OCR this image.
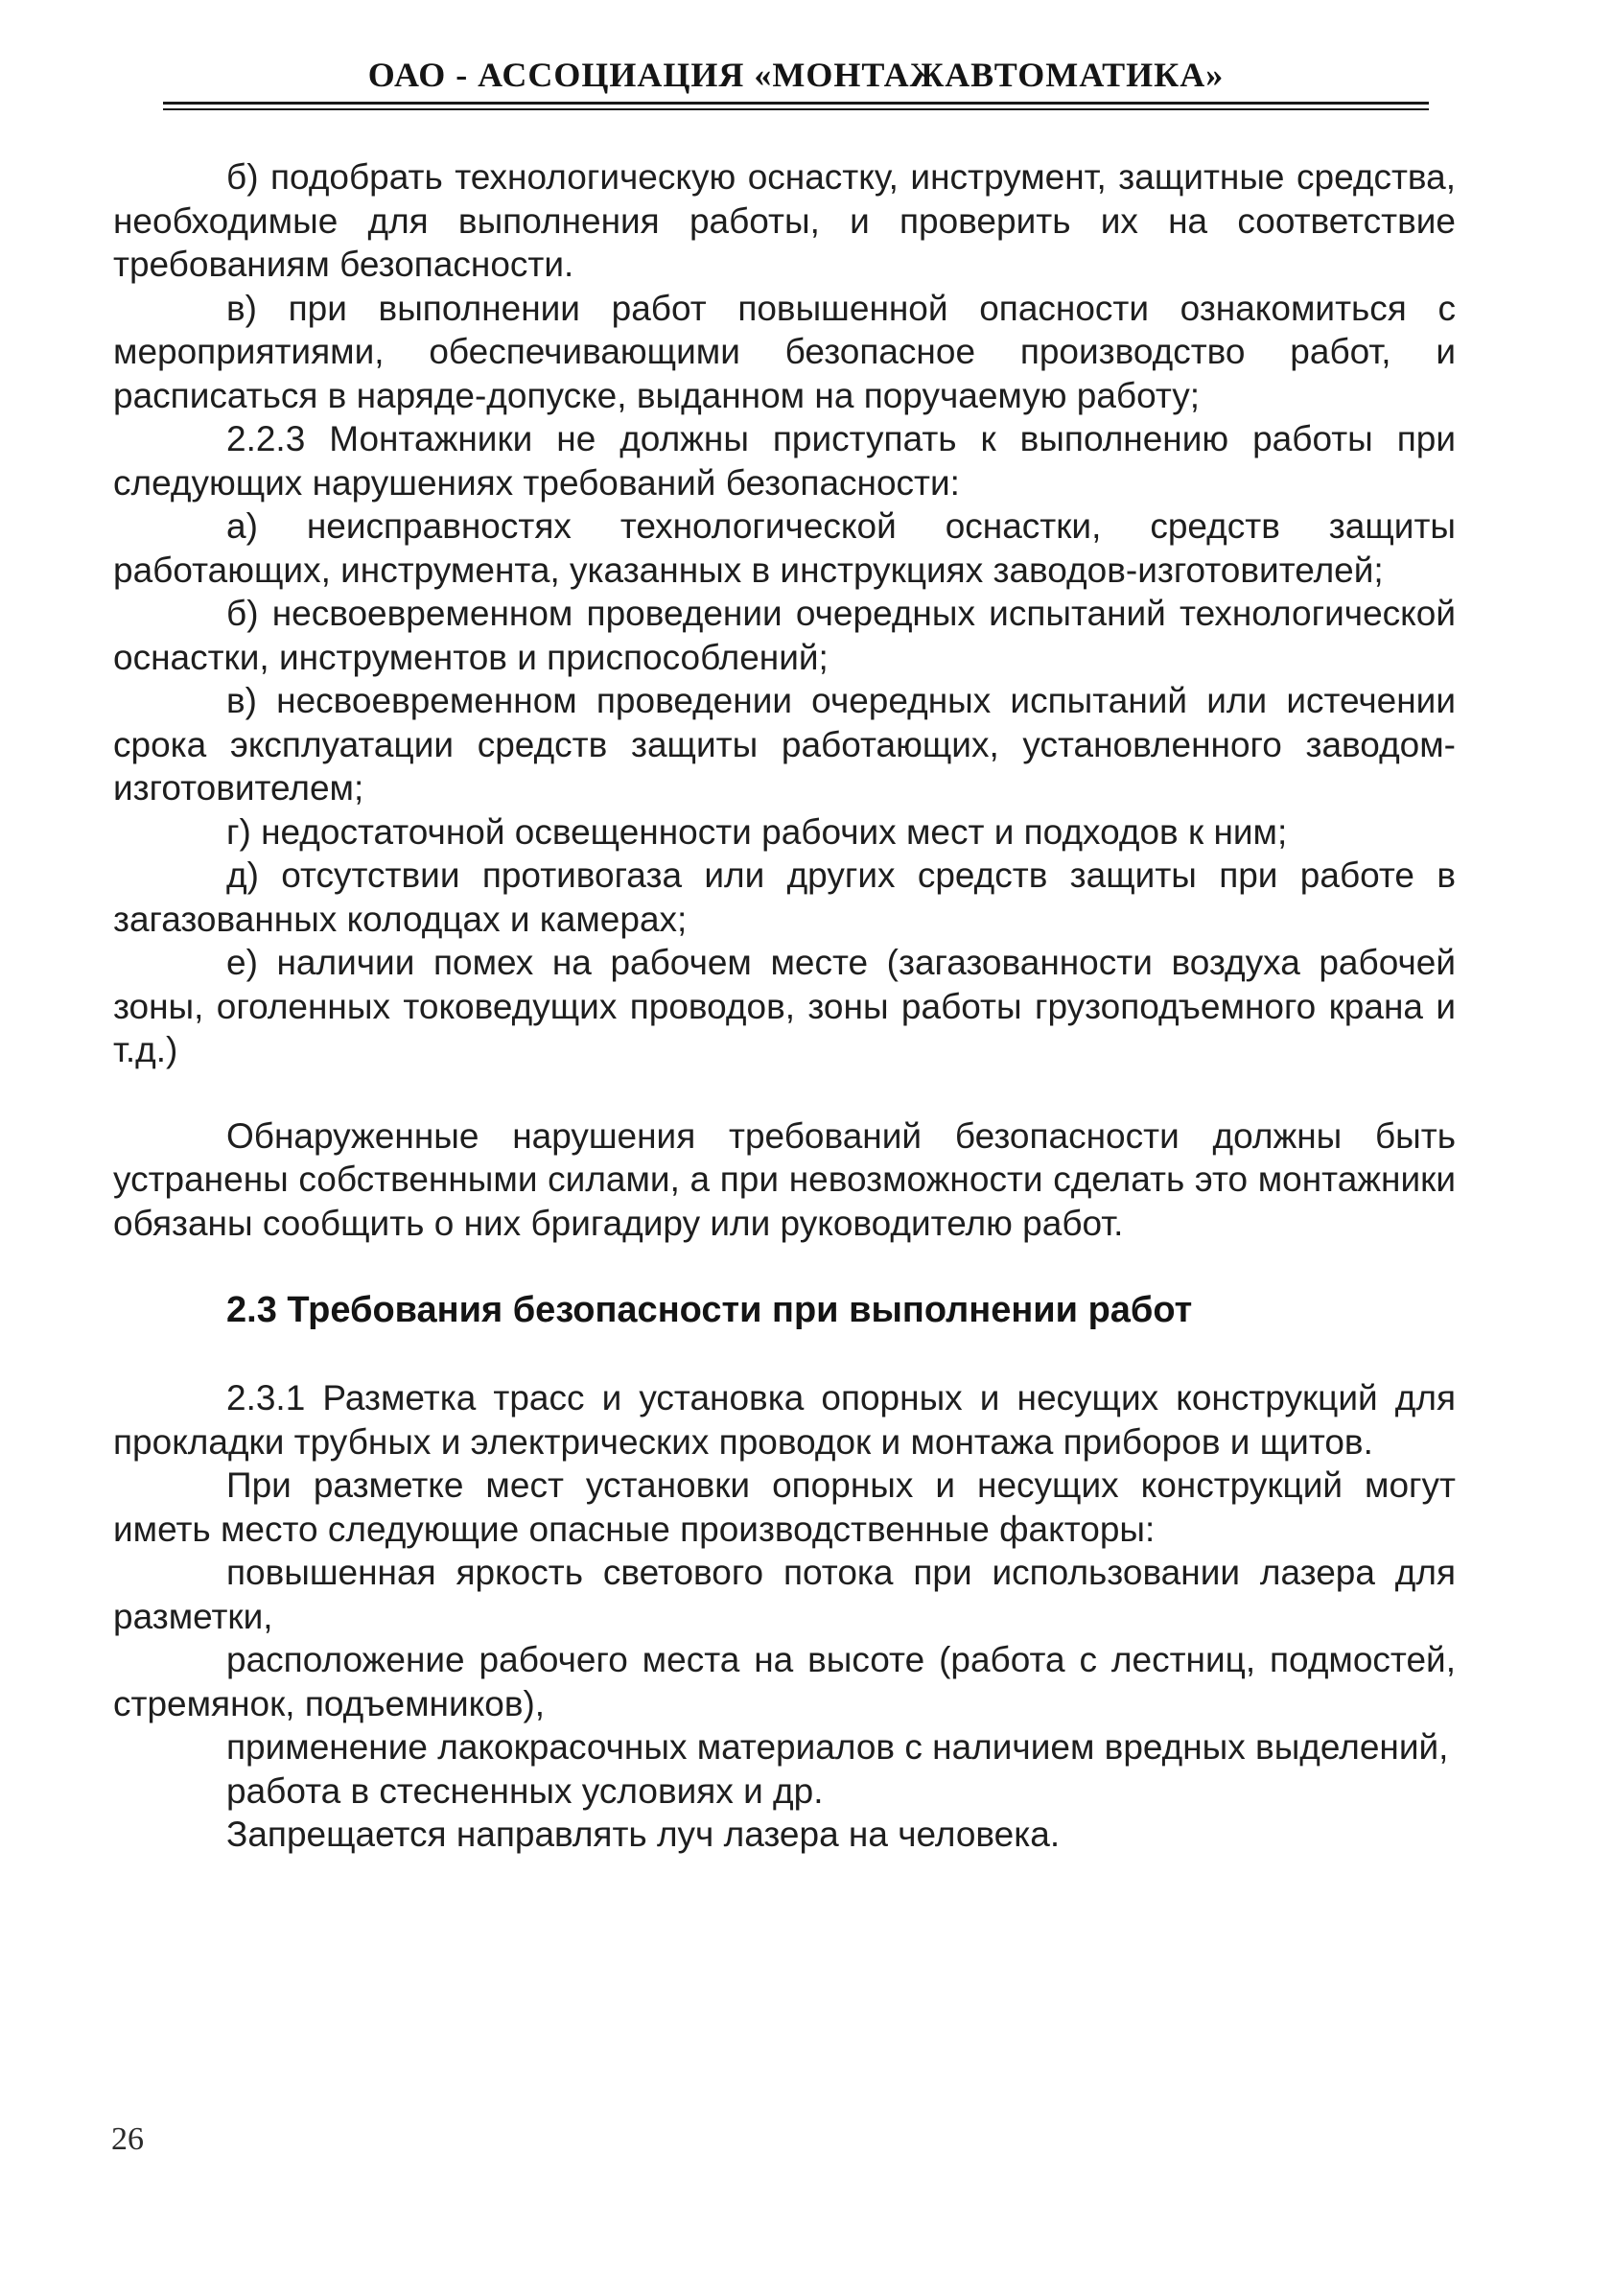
ОАО - АССОЦИАЦИЯ «МОНТАЖАВТОМАТИКА»

б) подобрать технологическую оснастку, инструмент, защитные средства, необходимые для выполнения работы, и проверить их на соответствие требованиям безопасности.

в) при выполнении работ повышенной опасности ознакомиться с мероприятиями, обеспечивающими безопасное производство работ, и расписаться в наряде-допуске, выданном на поручаемую работу;

2.2.3 Монтажники не должны приступать к выполнению работы при следующих нарушениях требований безопасности:

а) неисправностях технологической оснастки, средств защиты работающих, инструмента, указанных в инструкциях заводов-изготовителей;

б) несвоевременном проведении очередных испытаний технологической оснастки, инструментов и приспособлений;

в) несвоевременном проведении очередных испытаний или истечении срока эксплуатации средств защиты работающих, установленного заводом-изготовителем;

г) недостаточной освещенности рабочих мест и подходов к ним;

д) отсутствии противогаза или других средств защиты при работе в загазованных колодцах и камерах;

е) наличии помех на рабочем месте (загазованности воздуха рабочей зоны, оголенных токоведущих проводов, зоны работы грузоподъемного крана и т.д.)

Обнаруженные нарушения требований безопасности должны быть устранены собственными силами, а при невозможности сделать это монтажники обязаны сообщить о них бригадиру или руководителю работ.

2.3 Требования безопасности при выполнении работ

2.3.1 Разметка трасс и установка опорных и несущих конструкций для прокладки трубных и электрических проводок и монтажа приборов и щитов.

При разметке мест установки опорных и несущих конструкций могут иметь место следующие опасные производственные факторы:

повышенная яркость светового потока при использовании лазера для разметки,

расположение рабочего места на высоте (работа с лестниц, подмостей, стремянок, подъемников),

применение лакокрасочных материалов с наличием вредных выделений,

работа в стесненных условиях и др.

Запрещается направлять луч лазера на человека.

26
